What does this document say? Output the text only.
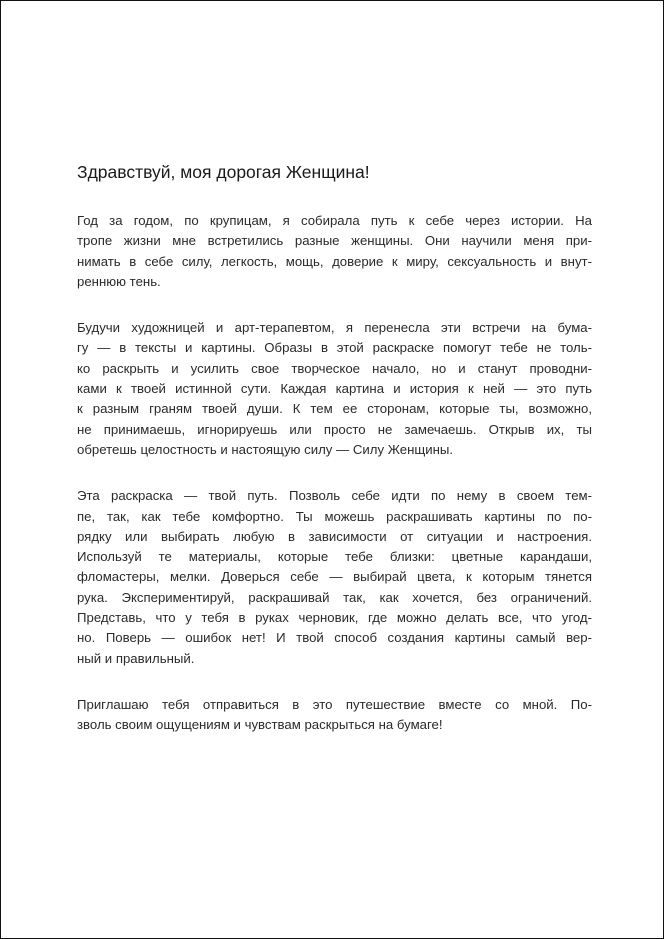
Здравствуй, моя дорогая Женщина!
Год за годом, по крупицам, я собирала путь к себе через истории. На
тропе жизни мне встретились разные женщины. Они научили меня при-
нимать в себе силу, легкость, мощь, доверие к миру, сексуальность и внут-
реннюю тень.
Будучи художницей и арт-терапевтом, я перенесла эти встречи на бума-
гу — в тексты и картины. Образы в этой раскраске помогут тебе не толь-
ко раскрыть и усилить свое творческое начало, но и станут проводни-
ками к твоей истинной сути. Каждая картина и история к ней — это путь
к разным граням твоей души. К тем ее сторонам, которые ты, возможно,
не принимаешь, игнорируешь или просто не замечаешь. Открыв их, ты
обретешь целостность и настоящую силу — Силу Женщины.
Эта раскраска — твой путь. Позволь себе идти по нему в своем тем-
пе, так, как тебе комфортно. Ты можешь раскрашивать картины по по-
рядку или выбирать любую в зависимости от ситуации и настроения.
Используй те материалы, которые тебе близки: цветные карандаши,
фломастеры, мелки. Доверься себе — выбирай цвета, к которым тянется
рука. Экспериментируй, раскрашивай так, как хочется, без ограничений.
Представь, что у тебя в руках черновик, где можно делать все, что угод-
но. Поверь — ошибок нет! И твой способ создания картины самый вер-
ный и правильный.
Приглашаю тебя отправиться в это путешествие вместе со мной. По-
зволь своим ощущениям и чувствам раскрыться на бумаге!
